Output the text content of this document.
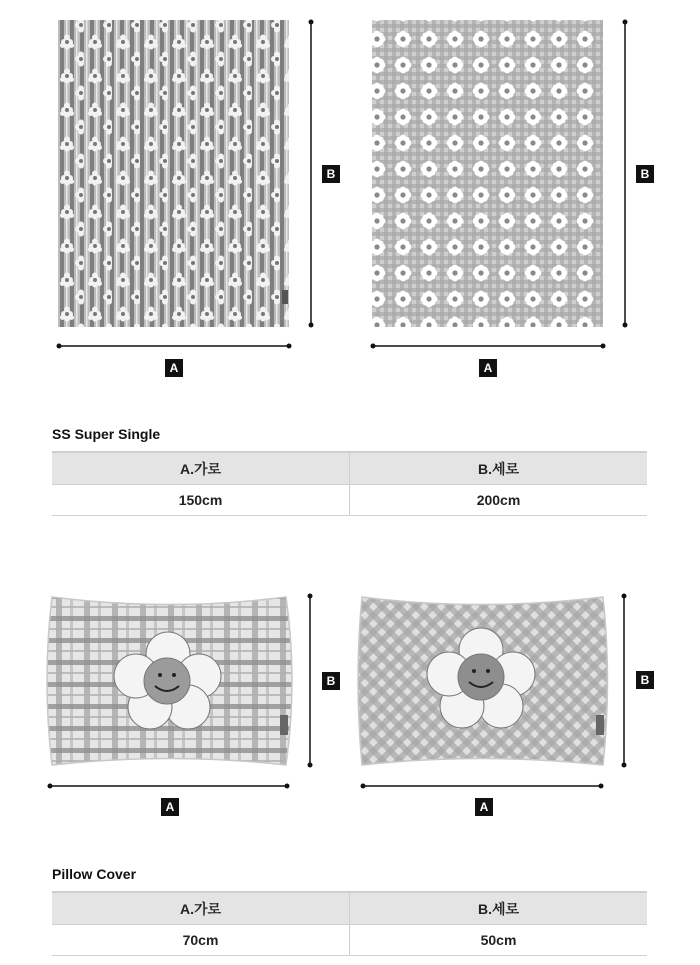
B
A
B
A
SS Super Single
A.가로	B.세로
150cm	200cm
B
A
B
A
Pillow Cover
A.가로	B.세로
70cm	50cm
